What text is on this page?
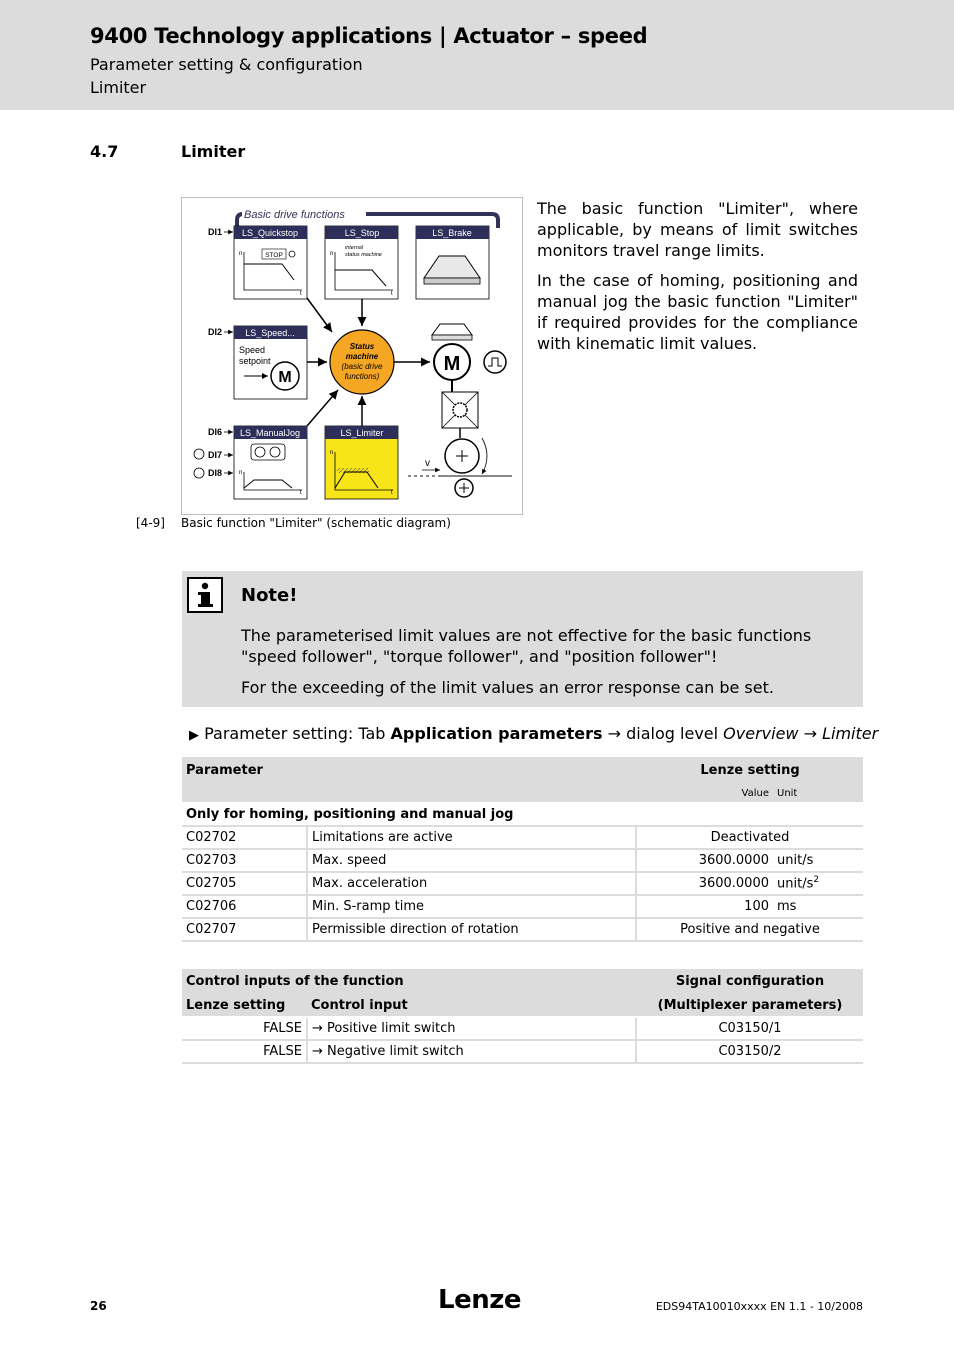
9400 Technology applications | Actuator – speed
Parameter setting & configuration
Limiter
4.7	Limiter
Basic drive functions
LS_Quickstop
n
t
STOP
LS_Stop
internal
status machine
n
t
LS_Brake
LS_Speed...
Speed
setpoint
M
LS_ManualJog
n
t
LS_Limiter
n
t
DI1
DI2
DI6
DI7
DI8
Status
machine
(basic drive
functions)
M
v

The basic function "Limiter", where applicable, by means of limit switches monitors travel range limits.

In the case of homing, positioning and manual jog the basic function "Limiter" if required provides for the compliance with kinematic limit values.

[4-9] Basic function "Limiter" (schematic diagram)
Note!
The parameterised limit values are not effective for the basic functions "speed follower", "torque follower", and "position follower"!
For the exceeding of the limit values an error response can be set.
▶ Parameter setting: Tab Application parameters → dialog level Overview → Limiter
Parameter		Lenze setting	
		Value	Unit
Only for homing, positioning and manual jog			
C02702	Limitations are active	Deactivated	
C02703	Max. speed	3600.0000	unit/s
C02705	Max. acceleration	3600.0000	unit/$s^2$
C02706	Min. S-ramp time	100	ms
C02707	Permissible direction of rotation	Positive and negative	
Control inputs of the function		Signal configuration
Lenze setting	Control input	(Multiplexer parameters)
FALSE	→ Positive limit switch	C03150/1
FALSE	→ Negative limit switch	C03150/2
26	Lenze	EDS94TA10010xxxx EN 1.1 - 10/2008
